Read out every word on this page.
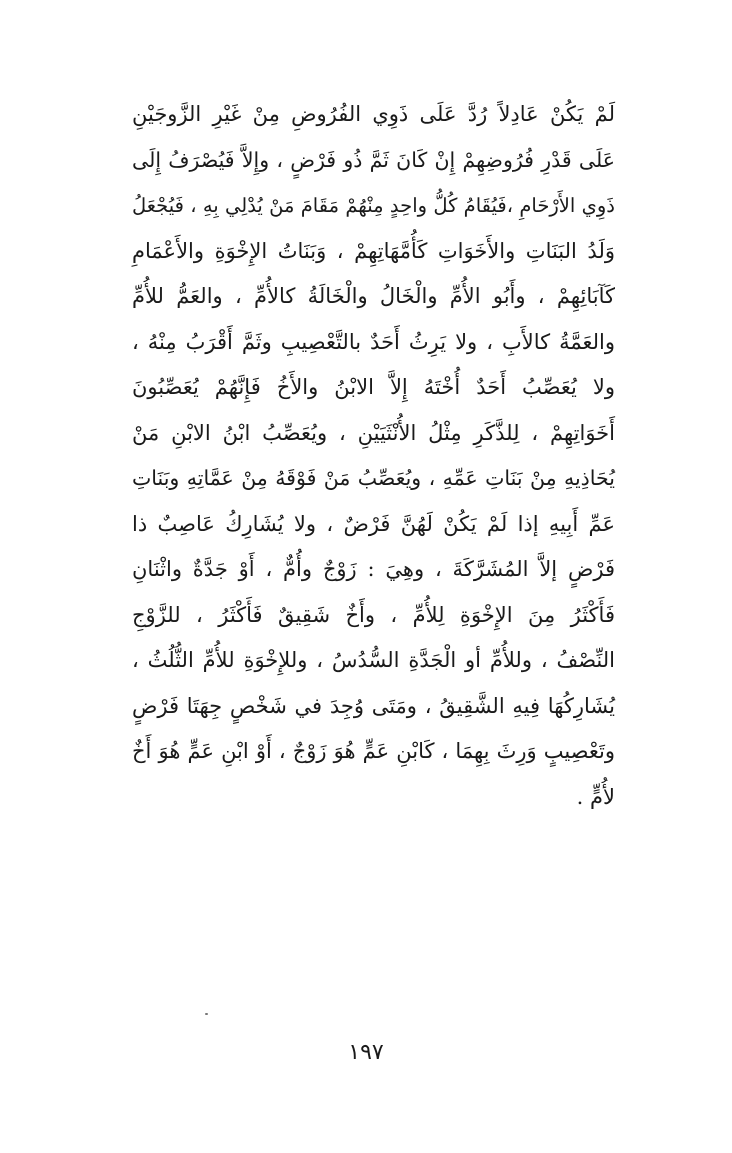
لَمْ يَكُنْ عَادِلاً رُدَّ عَلَى ذَوِي الفُرُوضِ مِنْ غَيْرِ الزَّوجَيْنِ
عَلَى قَدْرِ فُرُوضِهِمْ إِنْ كَانَ ثَمَّ ذُو فَرْضٍ ، وإِلاَّ فَيُصْرَفُ إِلَى
ذَوِي الأَرْحَامِ ،فَيُقَامُ كُلُّ واحِدٍ مِنْهُمْ مَقَامَ مَنْ يُدْلِي بِهِ ، فَيُجْعَلُ
وَلَدُ البَنَاتِ والأَخَوَاتِ كَأُمَّهَاتِهِمْ ، وَبَنَاتُ الإِخْوَةِ والأَعْمَامِ
كَآبَائِهِمْ ، وأَبُو الأُمِّ والْخَالُ والْخَالَةُ كالأُمِّ ، والعَمُّ للأُمِّ
والعَمَّةُ كالأَبِ ، ولا يَرِثُ أَحَدٌ بالتَّعْصِيبِ وثَمَّ أَقْرَبُ مِنْهُ ،
ولا يُعَصِّبُ أَحَدٌ أُخْتَهُ إِلاَّ الابْنُ والأَخُ فَإِنَّهُمْ يُعَصِّبُونَ
أَخَوَاتِهِمْ ، لِلذَّكَرِ مِثْلُ الأُنْثَيَيْنِ ، ويُعَصِّبُ ابْنُ الابْنِ مَنْ
يُحَاذِيهِ مِنْ بَنَاتِ عَمِّهِ ، ويُعَصِّبُ مَنْ فَوْقَهُ مِنْ عَمَّاتِهِ وبَنَاتِ
عَمِّ أَبِيهِ إذا لَمْ يَكُنْ لَهُنَّ فَرْضٌ ، ولا يُشَارِكُ عَاصِبٌ ذا
فَرْضٍ إلاَّ المُشَرَّكَةَ ، وهِيَ : زَوْجٌ وأُمٌّ ، أَوْ جَدَّةٌ واثْنَانِ
فَأَكْثَرُ مِنَ الإِخْوَةِ لِلأُمِّ ، وأَخٌ شَقِيقٌ فَأَكْثَرُ ، للزَّوْجِ
النِّصْفُ ، وللأُمِّ أو الْجَدَّةِ السُّدُسُ ، وللإِخْوَةِ للأُمِّ الثُّلُثُ ،
يُشَارِكُهَا فِيهِ الشَّقِيقُ ، ومَتَى وُجِدَ في شَخْصٍ جِهَتَا فَرْضٍ
وتَعْصِيبٍ وَرِثَ بِهِمَا ، كَابْنِ عَمٍّ هُوَ زَوْجٌ ، أَوْ ابْنِ عَمٍّ هُوَ أَخٌ
لأُمٍّ .
١٩٧
